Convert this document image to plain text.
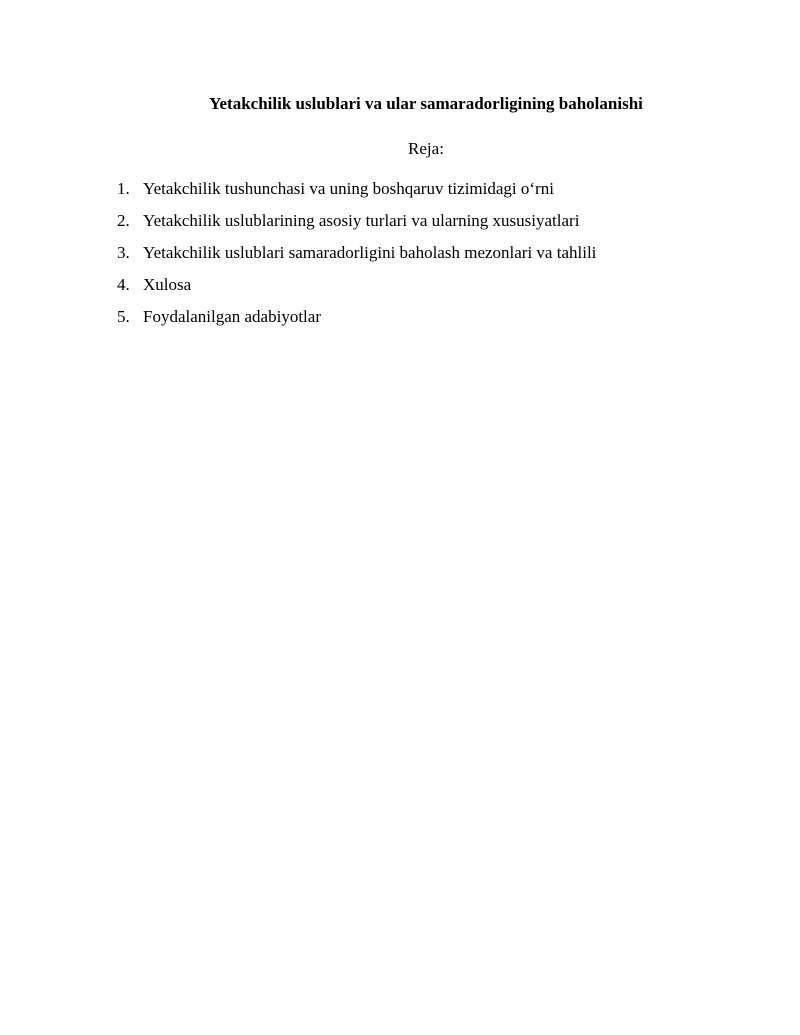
Yetakchilik uslublari va ular samaradorligining baholanishi
Reja:
1. Yetakchilik tushunchasi va uning boshqaruv tizimidagi o‘rni
2. Yetakchilik uslublarining asosiy turlari va ularning xususiyatlari
3. Yetakchilik uslublari samaradorligini baholash mezonlari va tahlili
4. Xulosa
5. Foydalanilgan adabiyotlar
